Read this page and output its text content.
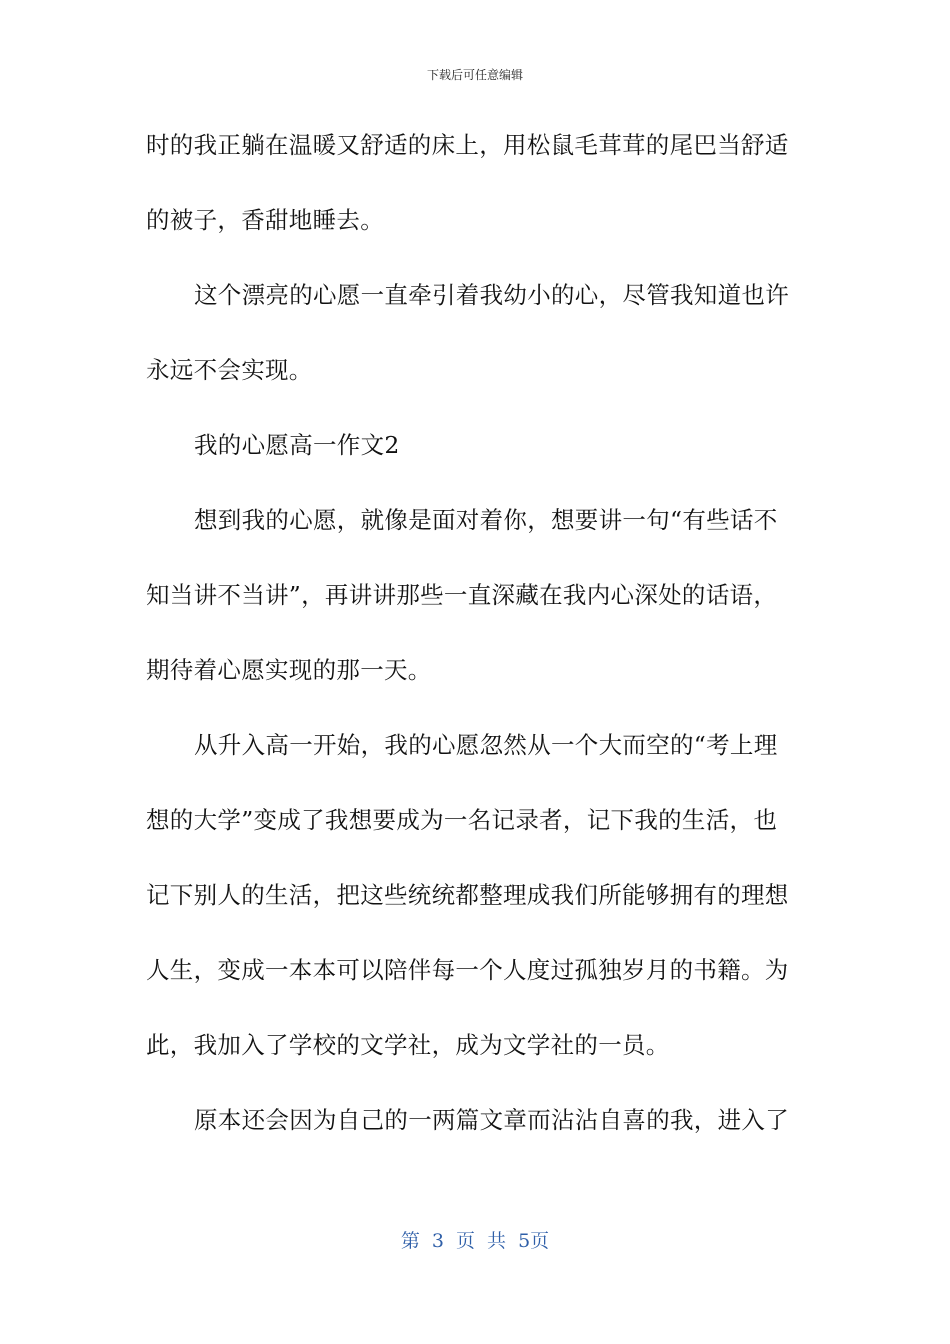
下载后可任意编辑
时的我正躺在温暖又舒适的床上，用松鼠毛茸茸的尾巴当舒适
的被子，香甜地睡去。
这个漂亮的心愿一直牵引着我幼小的心，尽管我知道也许
永远不会实现。
我的心愿高一作文2
想到我的心愿，就像是面对着你，想要讲一句“有些话不
知当讲不当讲”，再讲讲那些一直深藏在我内心深处的话语，
期待着心愿实现的那一天。
从升入高一开始，我的心愿忽然从一个大而空的“考上理
想的大学”变成了我想要成为一名记录者，记下我的生活，也
记下别人的生活，把这些统统都整理成我们所能够拥有的理想
人生，变成一本本可以陪伴每一个人度过孤独岁月的书籍。为
此，我加入了学校的文学社，成为文学社的一员。
原本还会因为自己的一两篇文章而沾沾自喜的我，进入了
第 3 页 共 5页
